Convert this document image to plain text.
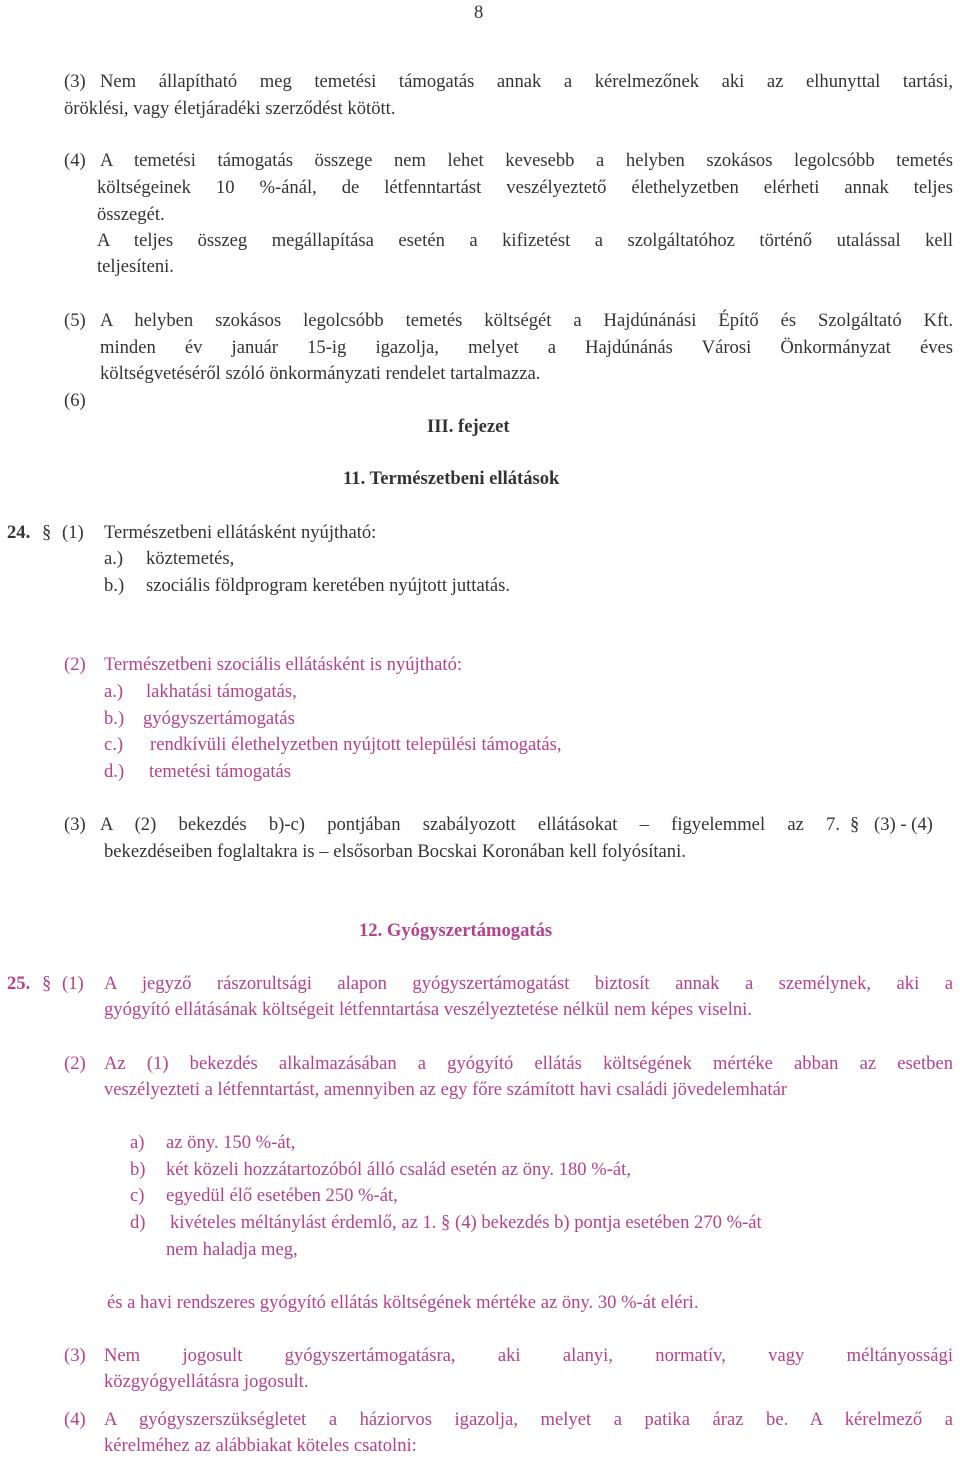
8
(3) Nem állapítható meg temetési támogatás annak a kérelmezőnek aki az elhunyttal tartási,
öröklési, vagy életjáradéki szerződést kötött.
(4) A temetési támogatás összege nem lehet kevesebb a helyben szokásos legolcsóbb temetés
költségeinek 10 %-ánál, de létfenntartást veszélyeztető élethelyzetben elérheti annak teljes
összegét.
A teljes összeg megállapítása esetén a kifizetést a szolgáltatóhoz történő utalással kell
teljesíteni.
(5) A helyben szokásos legolcsóbb temetés költségét a Hajdúnánási Építő és Szolgáltató Kft.
minden év január 15-ig igazolja, melyet a Hajdúnánás Városi Önkormányzat éves
költségvetéséről szóló önkormányzati rendelet tartalmazza.
(6)
III. fejezet
11. Természetbeni ellátások
24. § (1) Természetbeni ellátásként nyújtható:
a.) köztemetés,
b.) szociális földprogram keretében nyújtott juttatás.
(2) Természetbeni szociális ellátásként is nyújtható:
a.) lakhatási támogatás,
b.) gyógyszertámogatás
c.) rendkívüli élethelyzetben nyújtott települési támogatás,
d.) temetési támogatás
(3) A (2) bekezdés b)-c) pontjában szabályozott ellátásokat – figyelemmel az 7. § (3) - (4)
bekezdéseiben foglaltakra is – elsősorban Bocskai Koronában kell folyósítani.
12. Gyógyszertámogatás
25. § (1) A jegyző rászorultsági alapon gyógyszertámogatást biztosít annak a személynek, aki a
gyógyító ellátásának költségeit létfenntartása veszélyeztetése nélkül nem képes viselni.
(2) Az (1) bekezdés alkalmazásában a gyógyító ellátás költségének mértéke abban az esetben
veszélyezteti a létfenntartást, amennyiben az egy főre számított havi családi jövedelemhatár
a) az öny. 150 %-át,
b) két közeli hozzátartozóból álló család esetén az öny. 180 %-át,
c) egyedül élő esetében 250 %-át,
d) kivételes méltánylást érdemlő, az 1. § (4) bekezdés b) pontja esetében 270 %-át
nem haladja meg,
és a havi rendszeres gyógyító ellátás költségének mértéke az öny. 30 %-át eléri.
(3) Nem jogosult gyógyszertámogatásra, aki alanyi, normatív, vagy méltányossági
közgyógyellátásra jogosult.
(4) A gyógyszerszükségletet a háziorvos igazolja, melyet a patika áraz be. A kérelmező a
kérelméhez az alábbiakat köteles csatolni:
